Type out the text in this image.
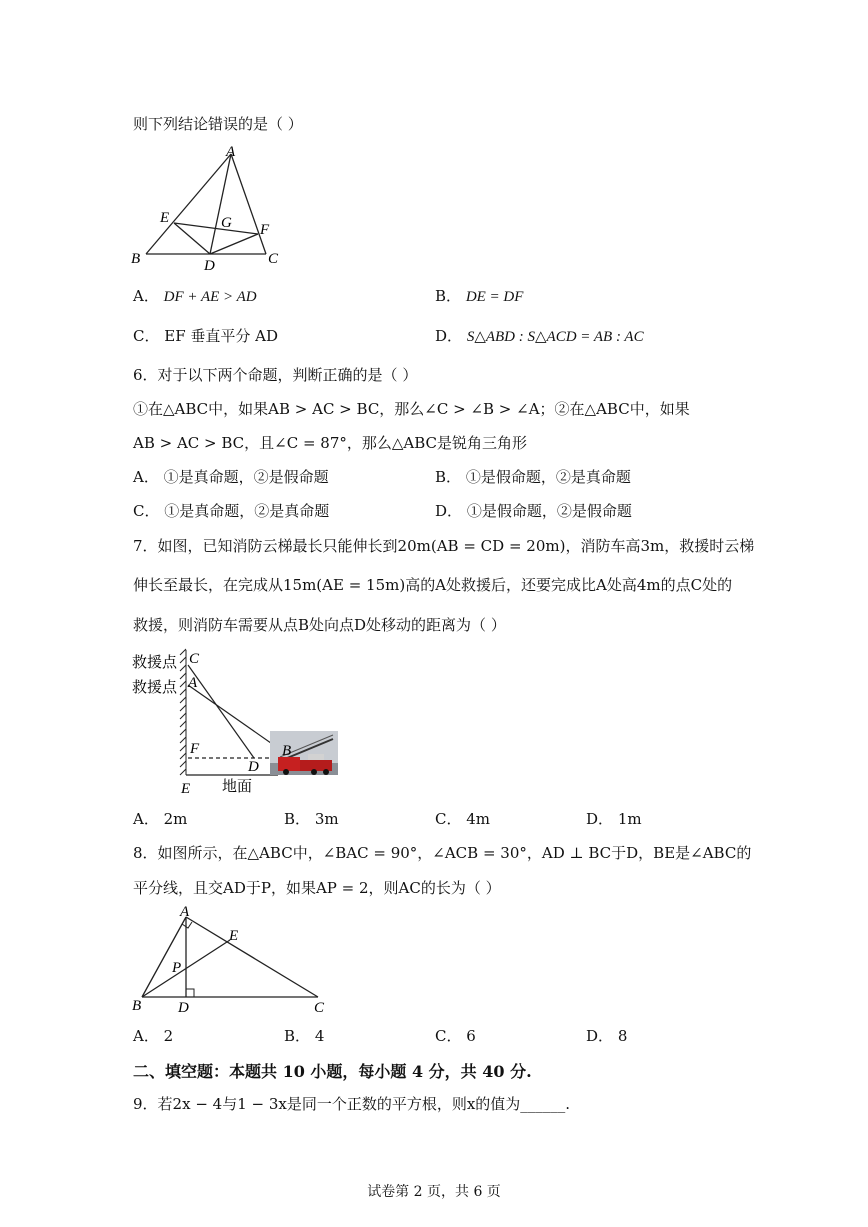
则下列结论错误的是（ ）
A
B	C
D
E
F
G
A． DF + AE > AD	B． DE = DF
C． EF 垂直平分 AD	D． S△ABD : S△ACD = AB : AC
6．对于以下两个命题，判断正确的是（ ）
①在△ABC中，如果AB > AC > BC，那么∠C > ∠B > ∠A；②在△ABC中，如果
AB > AC > BC，且∠C = 87°，那么△ABC是锐角三角形
A． ①是真命题，②是假命题	B． ①是假命题，②是真命题
C． ①是真命题，②是真命题	D． ①是假命题，②是假命题
7．如图，已知消防云梯最长只能伸长到20m(AB = CD = 20m)，消防车高3m，救援时云梯
伸长至最长，在完成从15m(AE = 15m)高的A处救援后，还要完成比A处高4m的点C处的
救援，则消防车需要从点B处向点D处移动的距离为（ ）
救援点
救援点
C
A
F
D
B
E 地面
A． 2m	B． 3m	C． 4m	D． 1m
8．如图所示，在△ABC中，∠BAC = 90°，∠ACB = 30°，AD ⊥ BC于D，BE是∠ABC的
平分线，且交AD于P，如果AP = 2，则AC的长为（ ）
A
E
P
B D	C
A． 2	B． 4	C． 6	D． 8
二、填空题：本题共 10 小题，每小题 4 分，共 40 分.
9．若2x − 4与1 − 3x是同一个正数的平方根，则x的值为______.
试卷第 2 页，共 6 页
